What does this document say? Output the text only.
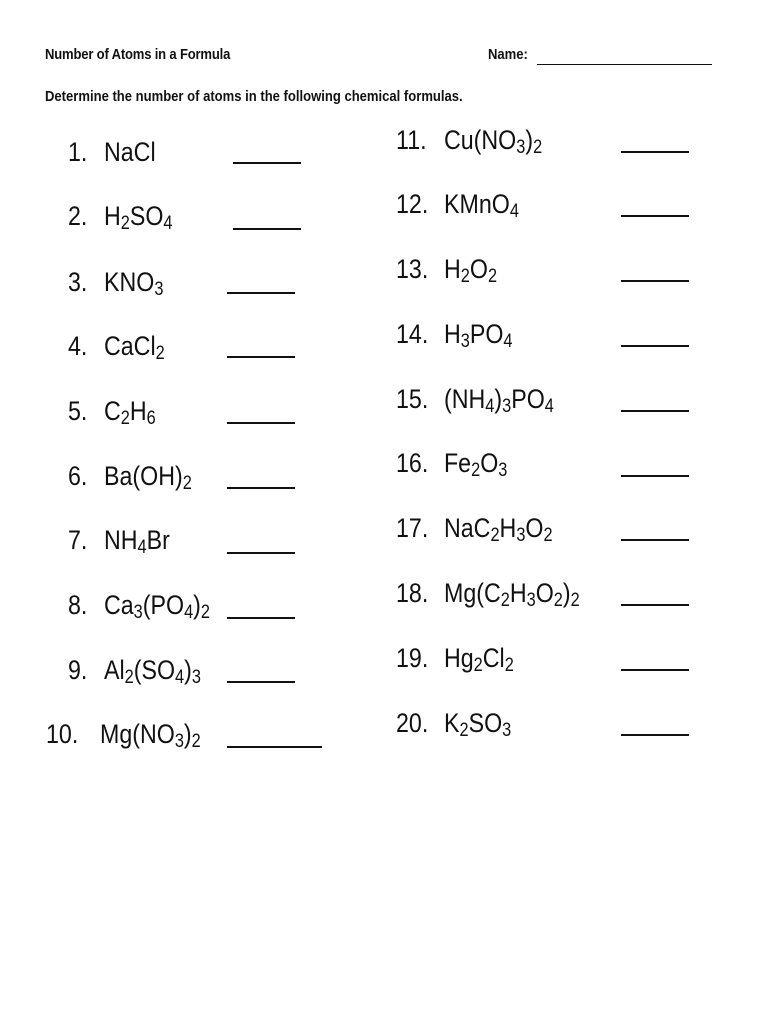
Number of Atoms in a Formula	Name:
Determine the number of atoms in the following chemical formulas.
1. NaCl
2. $H_2SO_4$
3. $KNO_3$
4. CaCl$_2$
5. $C_2H_6$
6. $Ba(OH)_2$
7. $NH_4Br$
8. $Ca_3(PO_4)_2$
9. $Al_2(SO_4)_3$
10. $Mg(NO_3)_2$
11. $Cu(NO_3)_2$
12. KMnO$_4$
13. $H_2O_2$
14. $H_3PO_4$
15. $(NH_4)_3PO_4$
16. $Fe_2O_3$
17. $NaC_2H_3O_2$
18. $Mg(C_2H_3O_2)_2$
19. $Hg_2Cl_2$
20. $K_2SO_3$
